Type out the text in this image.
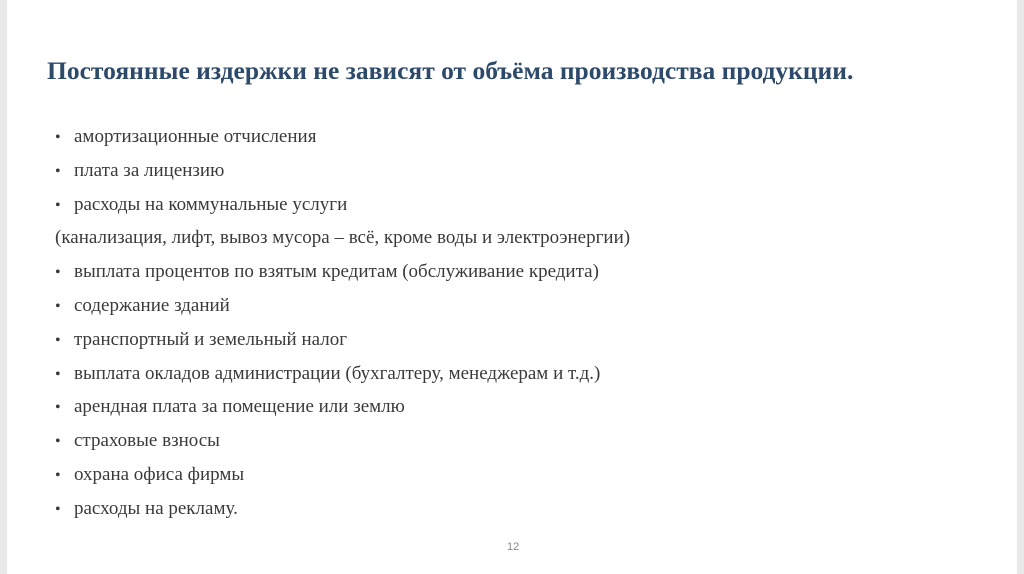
Постоянные издержки не зависят от объёма производства продукции.
• амортизационные отчисления
• плата за лицензию
• расходы на коммунальные услуги
(канализация, лифт, вывоз мусора – всё, кроме воды и электроэнергии)
• выплата процентов по взятым кредитам (обслуживание кредита)
• содержание зданий
• транспортный и земельный налог
• выплата окладов администрации (бухгалтеру, менеджерам и т.д.)
• арендная плата за помещение или землю
• страховые взносы
• охрана офиса фирмы
• расходы на рекламу.
12
